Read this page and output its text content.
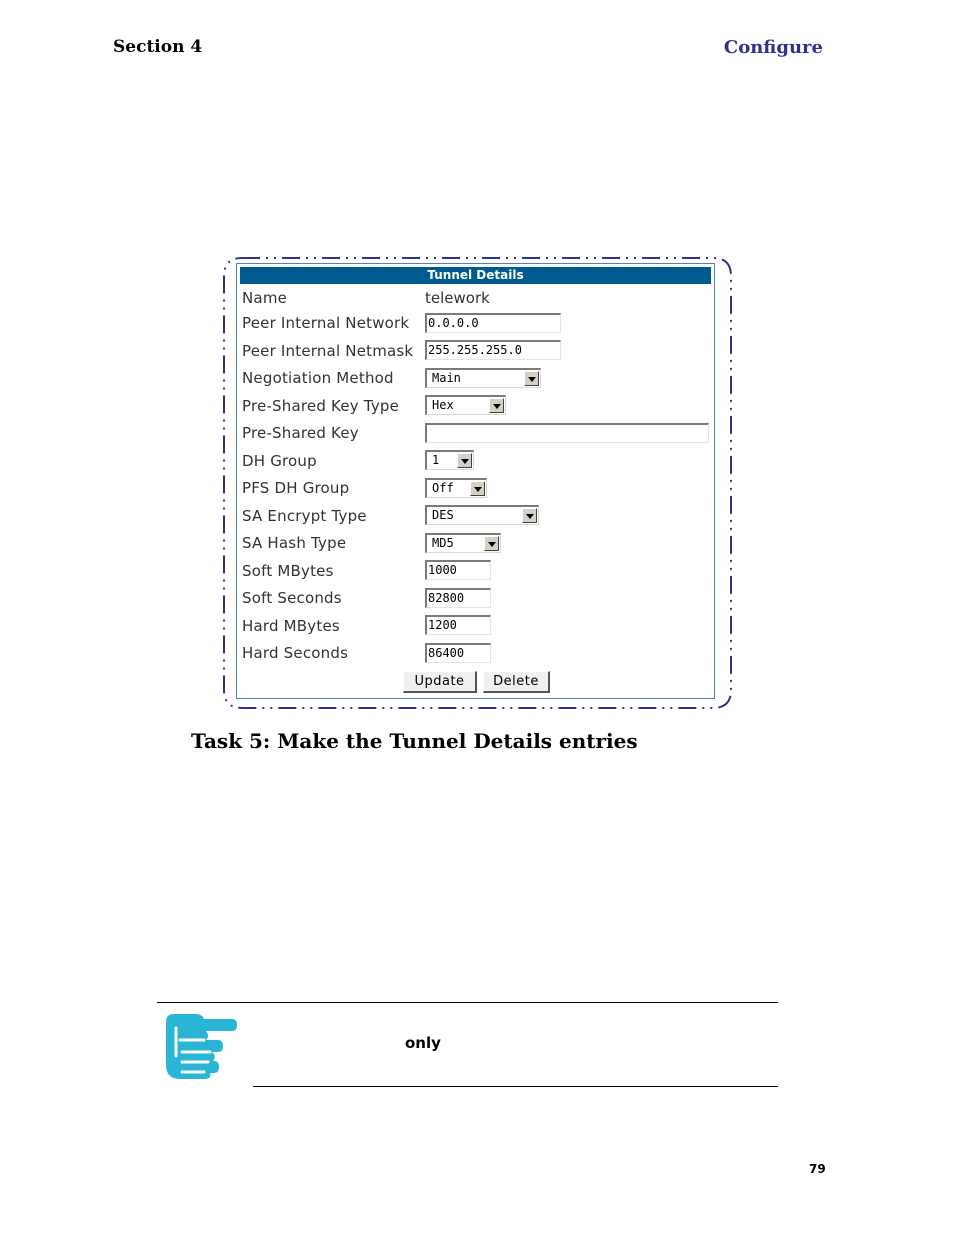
Section 4	Configure
Tunnel Details
Name	telework
Peer Internal Network 0.0.0.0
Peer Internal Netmask 255.255.255.0
Negotiation Method	Main
Pre-Shared Key Type	Hex
Pre-Shared Key
DH Group	1
PFS DH Group	Off
SA Encrypt Type	DES
SA Hash Type	MD5
Soft MBytes	1000
Soft Seconds	82800
Hard MBytes	1200
Hard Seconds	86400
Update	Delete
Task 5: Make the Tunnel Details entries
only
79
